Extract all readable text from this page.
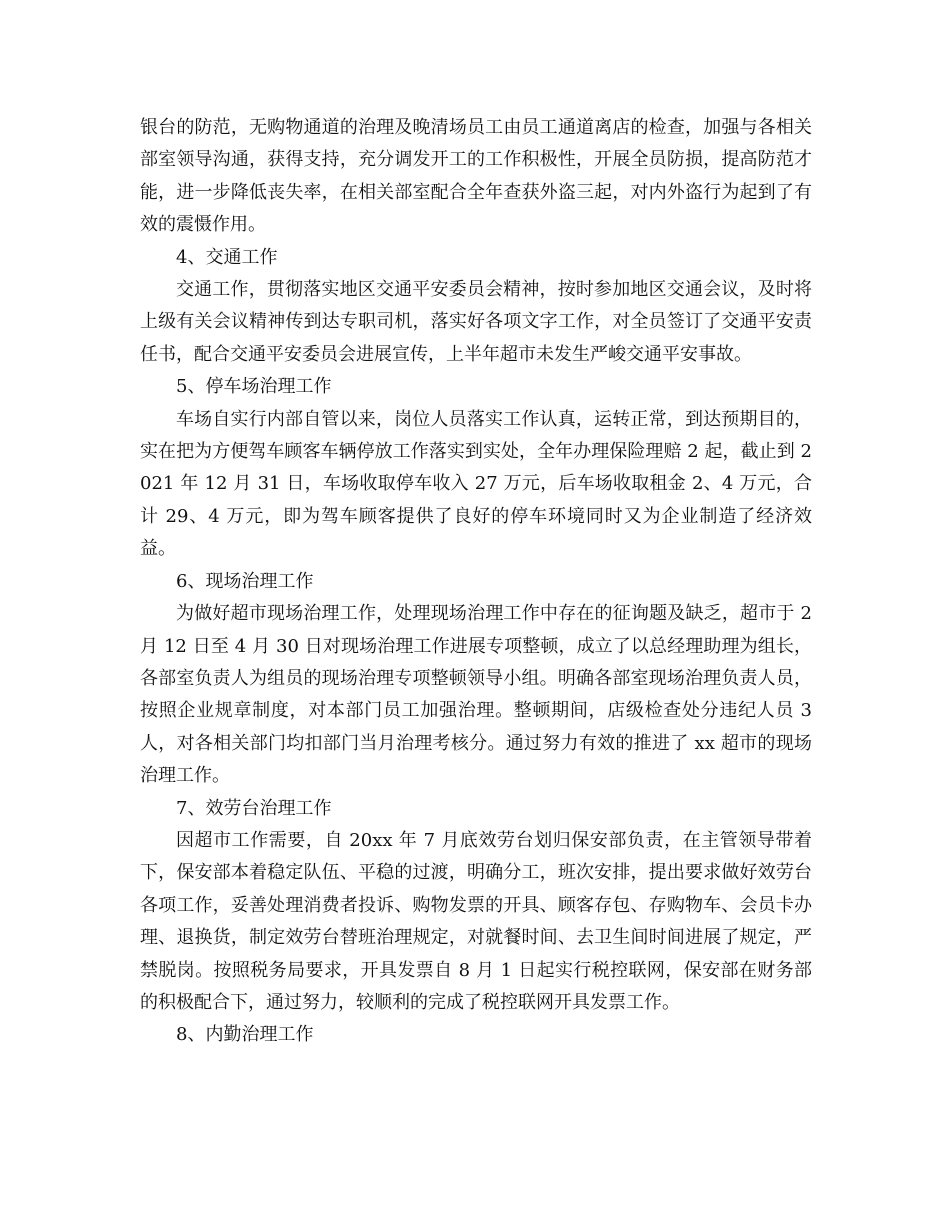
银台的防范，无购物通道的治理及晚清场员工由员工通道离店的检查，加强与各相关部室领导沟通，获得支持，充分调发开工的工作积极性，开展全员防损，提高防范才能，进一步降低丧失率，在相关部室配合全年查获外盗三起，对内外盗行为起到了有效的震慑作用。

4、交通工作

交通工作，贯彻落实地区交通平安委员会精神，按时参加地区交通会议，及时将上级有关会议精神传到达专职司机，落实好各项文字工作，对全员签订了交通平安责任书，配合交通平安委员会进展宣传，上半年超市未发生严峻交通平安事故。

5、停车场治理工作

车场自实行内部自管以来，岗位人员落实工作认真，运转正常，到达预期目的，实在把为方便驾车顾客车辆停放工作落实到实处，全年办理保险理赔 2 起，截止到 2021 年 12 月 31 日，车场收取停车收入 27 万元，后车场收取租金 2、4 万元，合计 29、4 万元，即为驾车顾客提供了良好的停车环境同时又为企业制造了经济效益。

6、现场治理工作

为做好超市现场治理工作，处理现场治理工作中存在的征询题及缺乏，超市于 2 月 12 日至 4 月 30 日对现场治理工作进展专项整顿，成立了以总经理助理为组长，各部室负责人为组员的现场治理专项整顿领导小组。明确各部室现场治理负责人员，按照企业规章制度，对本部门员工加强治理。整顿期间，店级检查处分违纪人员 3 人，对各相关部门均扣部门当月治理考核分。通过努力有效的推进了 xx 超市的现场治理工作。

7、效劳台治理工作

因超市工作需要，自 20xx 年 7 月底效劳台划归保安部负责，在主管领导带着下，保安部本着稳定队伍、平稳的过渡，明确分工，班次安排，提出要求做好效劳台各项工作，妥善处理消费者投诉、购物发票的开具、顾客存包、存购物车、会员卡办理、退换货，制定效劳台替班治理规定，对就餐时间、去卫生间时间进展了规定，严禁脱岗。按照税务局要求，开具发票自 8 月 1 日起实行税控联网，保安部在财务部的积极配合下，通过努力，较顺利的完成了税控联网开具发票工作。

8、内勤治理工作
